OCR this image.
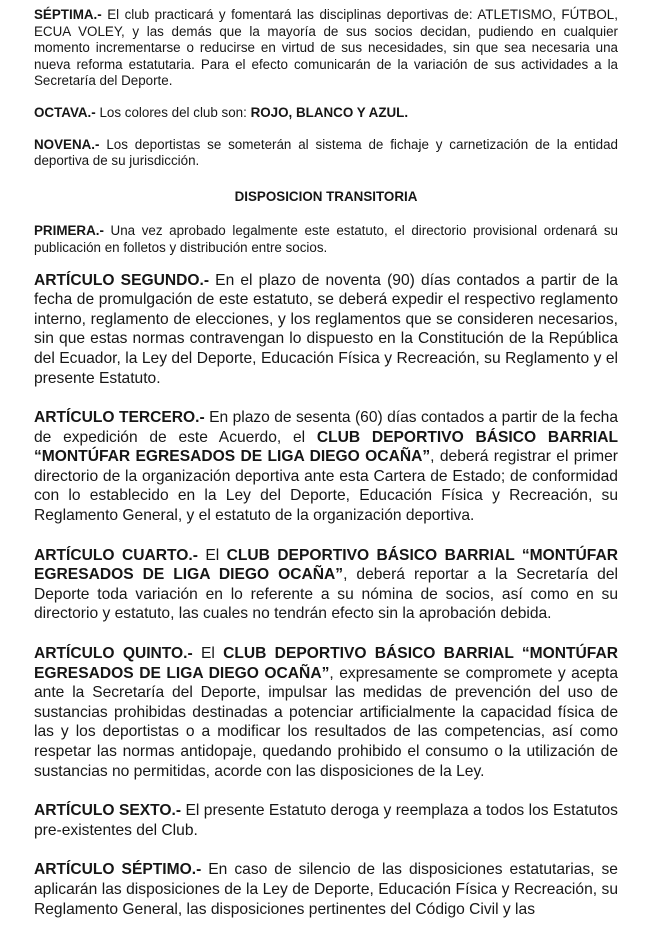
SÉPTIMA.- El club practicará y fomentará las disciplinas deportivas de: ATLETISMO, FÚTBOL, ECUA VOLEY, y las demás que la mayoría de sus socios decidan, pudiendo en cualquier momento incrementarse o reducirse en virtud de sus necesidades, sin que sea necesaria una nueva reforma estatutaria. Para el efecto comunicarán de la variación de sus actividades a la Secretaría del Deporte.

OCTAVA.- Los colores del club son: ROJO, BLANCO Y AZUL.

NOVENA.- Los deportistas se someterán al sistema de fichaje y carnetización de la entidad deportiva de su jurisdicción.

DISPOSICION TRANSITORIA

PRIMERA.- Una vez aprobado legalmente este estatuto, el directorio provisional ordenará su publicación en folletos y distribución entre socios.

ARTÍCULO SEGUNDO.- En el plazo de noventa (90) días contados a partir de la fecha de promulgación de este estatuto, se deberá expedir el respectivo reglamento interno, reglamento de elecciones, y los reglamentos que se consideren necesarios, sin que estas normas contravengan lo dispuesto en la Constitución de la República del Ecuador, la Ley del Deporte, Educación Física y Recreación, su Reglamento y el presente Estatuto.

ARTÍCULO TERCERO.- En plazo de sesenta (60) días contados a partir de la fecha de expedición de este Acuerdo, el CLUB DEPORTIVO BÁSICO BARRIAL “MONTÚFAR EGRESADOS DE LIGA DIEGO OCAÑA”, deberá registrar el primer directorio de la organización deportiva ante esta Cartera de Estado; de conformidad con lo establecido en la Ley del Deporte, Educación Física y Recreación, su Reglamento General, y el estatuto de la organización deportiva.

ARTÍCULO CUARTO.- El CLUB DEPORTIVO BÁSICO BARRIAL “MONTÚFAR EGRESADOS DE LIGA DIEGO OCAÑA”, deberá reportar a la Secretaría del Deporte toda variación en lo referente a su nómina de socios, así como en su directorio y estatuto, las cuales no tendrán efecto sin la aprobación debida.

ARTÍCULO QUINTO.- El CLUB DEPORTIVO BÁSICO BARRIAL “MONTÚFAR EGRESADOS DE LIGA DIEGO OCAÑA”, expresamente se compromete y acepta ante la Secretaría del Deporte, impulsar las medidas de prevención del uso de sustancias prohibidas destinadas a potenciar artificialmente la capacidad física de las y los deportistas o a modificar los resultados de las competencias, así como respetar las normas antidopaje, quedando prohibido el consumo o la utilización de sustancias no permitidas, acorde con las disposiciones de la Ley.

ARTÍCULO SEXTO.- El presente Estatuto deroga y reemplaza a todos los Estatutos pre-existentes del Club.

ARTÍCULO SÉPTIMO.- En caso de silencio de las disposiciones estatutarias, se aplicarán las disposiciones de la Ley de Deporte, Educación Física y Recreación, su Reglamento General, las disposiciones pertinentes del Código Civil y las
